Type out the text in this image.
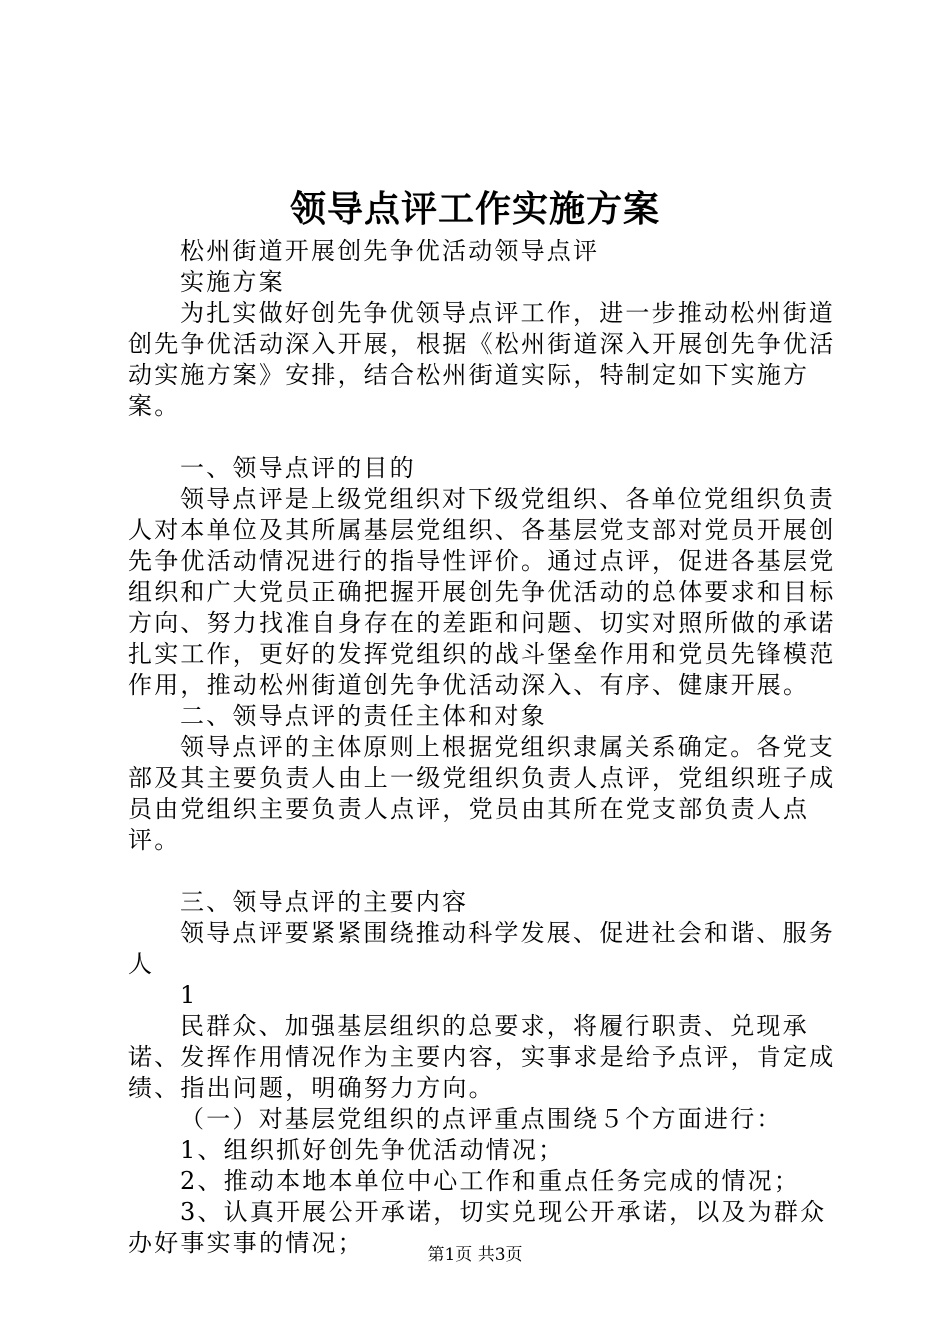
领导点评工作实施方案

松州街道开展创先争优活动领导点评

实施方案

为扎实做好创先争优领导点评工作，进一步推动松州街道创先争优活动深入开展，根据《松州街道深入开展创先争优活动实施方案》安排，结合松州街道实际，特制定如下实施方案。

一、领导点评的目的

领导点评是上级党组织对下级党组织、各单位党组织负责人对本单位及其所属基层党组织、各基层党支部对党员开展创先争优活动情况进行的指导性评价。通过点评，促进各基层党组织和广大党员正确把握开展创先争优活动的总体要求和目标方向、努力找准自身存在的差距和问题、切实对照所做的承诺扎实工作，更好的发挥党组织的战斗堡垒作用和党员先锋模范作用，推动松州街道创先争优活动深入、有序、健康开展。

二、领导点评的责任主体和对象

领导点评的主体原则上根据党组织隶属关系确定。各党支部及其主要负责人由上一级党组织负责人点评，党组织班子成员由党组织主要负责人点评，党员由其所在党支部负责人点评。

三、领导点评的主要内容

领导点评要紧紧围绕推动科学发展、促进社会和谐、服务人

1

民群众、加强基层组织的总要求，将履行职责、兑现承诺、发挥作用情况作为主要内容，实事求是给予点评，肯定成绩、指出问题，明确努力方向。

（一）对基层党组织的点评重点围绕５个方面进行：

1、组织抓好创先争优活动情况；

2、推动本地本单位中心工作和重点任务完成的情况；

3、认真开展公开承诺，切实兑现公开承诺，以及为群众办好事实事的情况；	第1页 共3页
